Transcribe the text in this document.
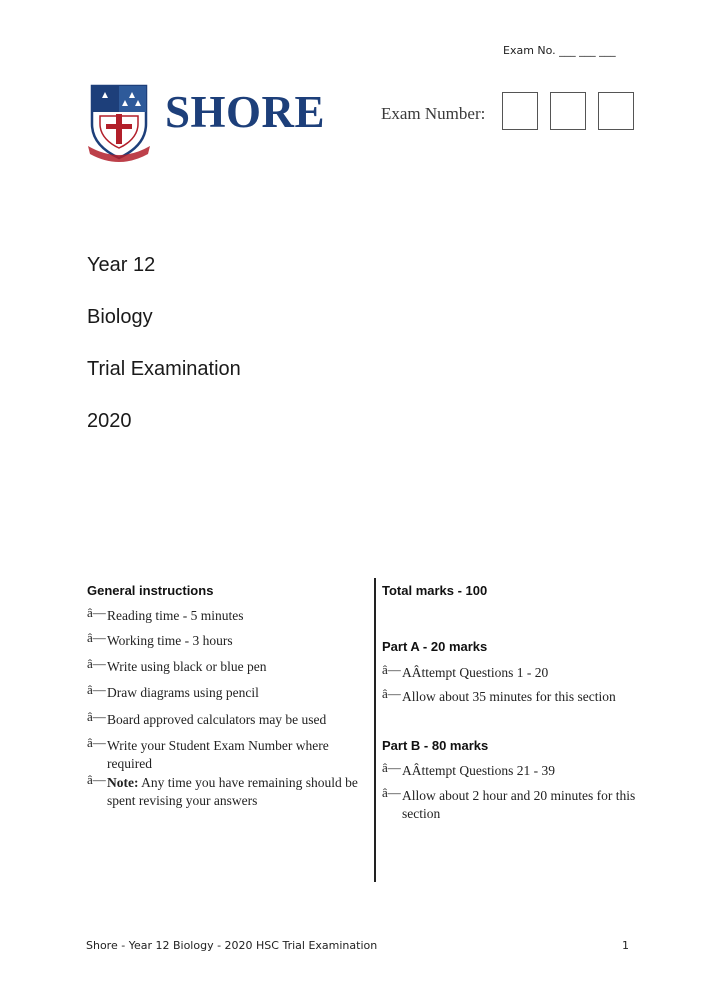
Exam No. ___ ___ ___
SHORE	Exam Number:
Year 12
Biology
Trial Examination
2020
General instructions
â— Reading time - 5 minutes
â— Working time - 3 hours
â— Write using black or blue pen
â— Draw diagrams using pencil
â— Board approved calculators may be used
â— Write your Student Exam Number where required
â— Note: Any time you have remaining should be spent revising your answers
Total marks - 100
Part A - 20 marks
â— AÂttempt Questions 1 - 20
â— Allow about 35 minutes for this section
Part B - 80 marks
â— AÂttempt Questions 21 - 39
â— Allow about 2 hour and 20 minutes for this section
Shore - Year 12 Biology - 2020 HSC Trial Examination	1
